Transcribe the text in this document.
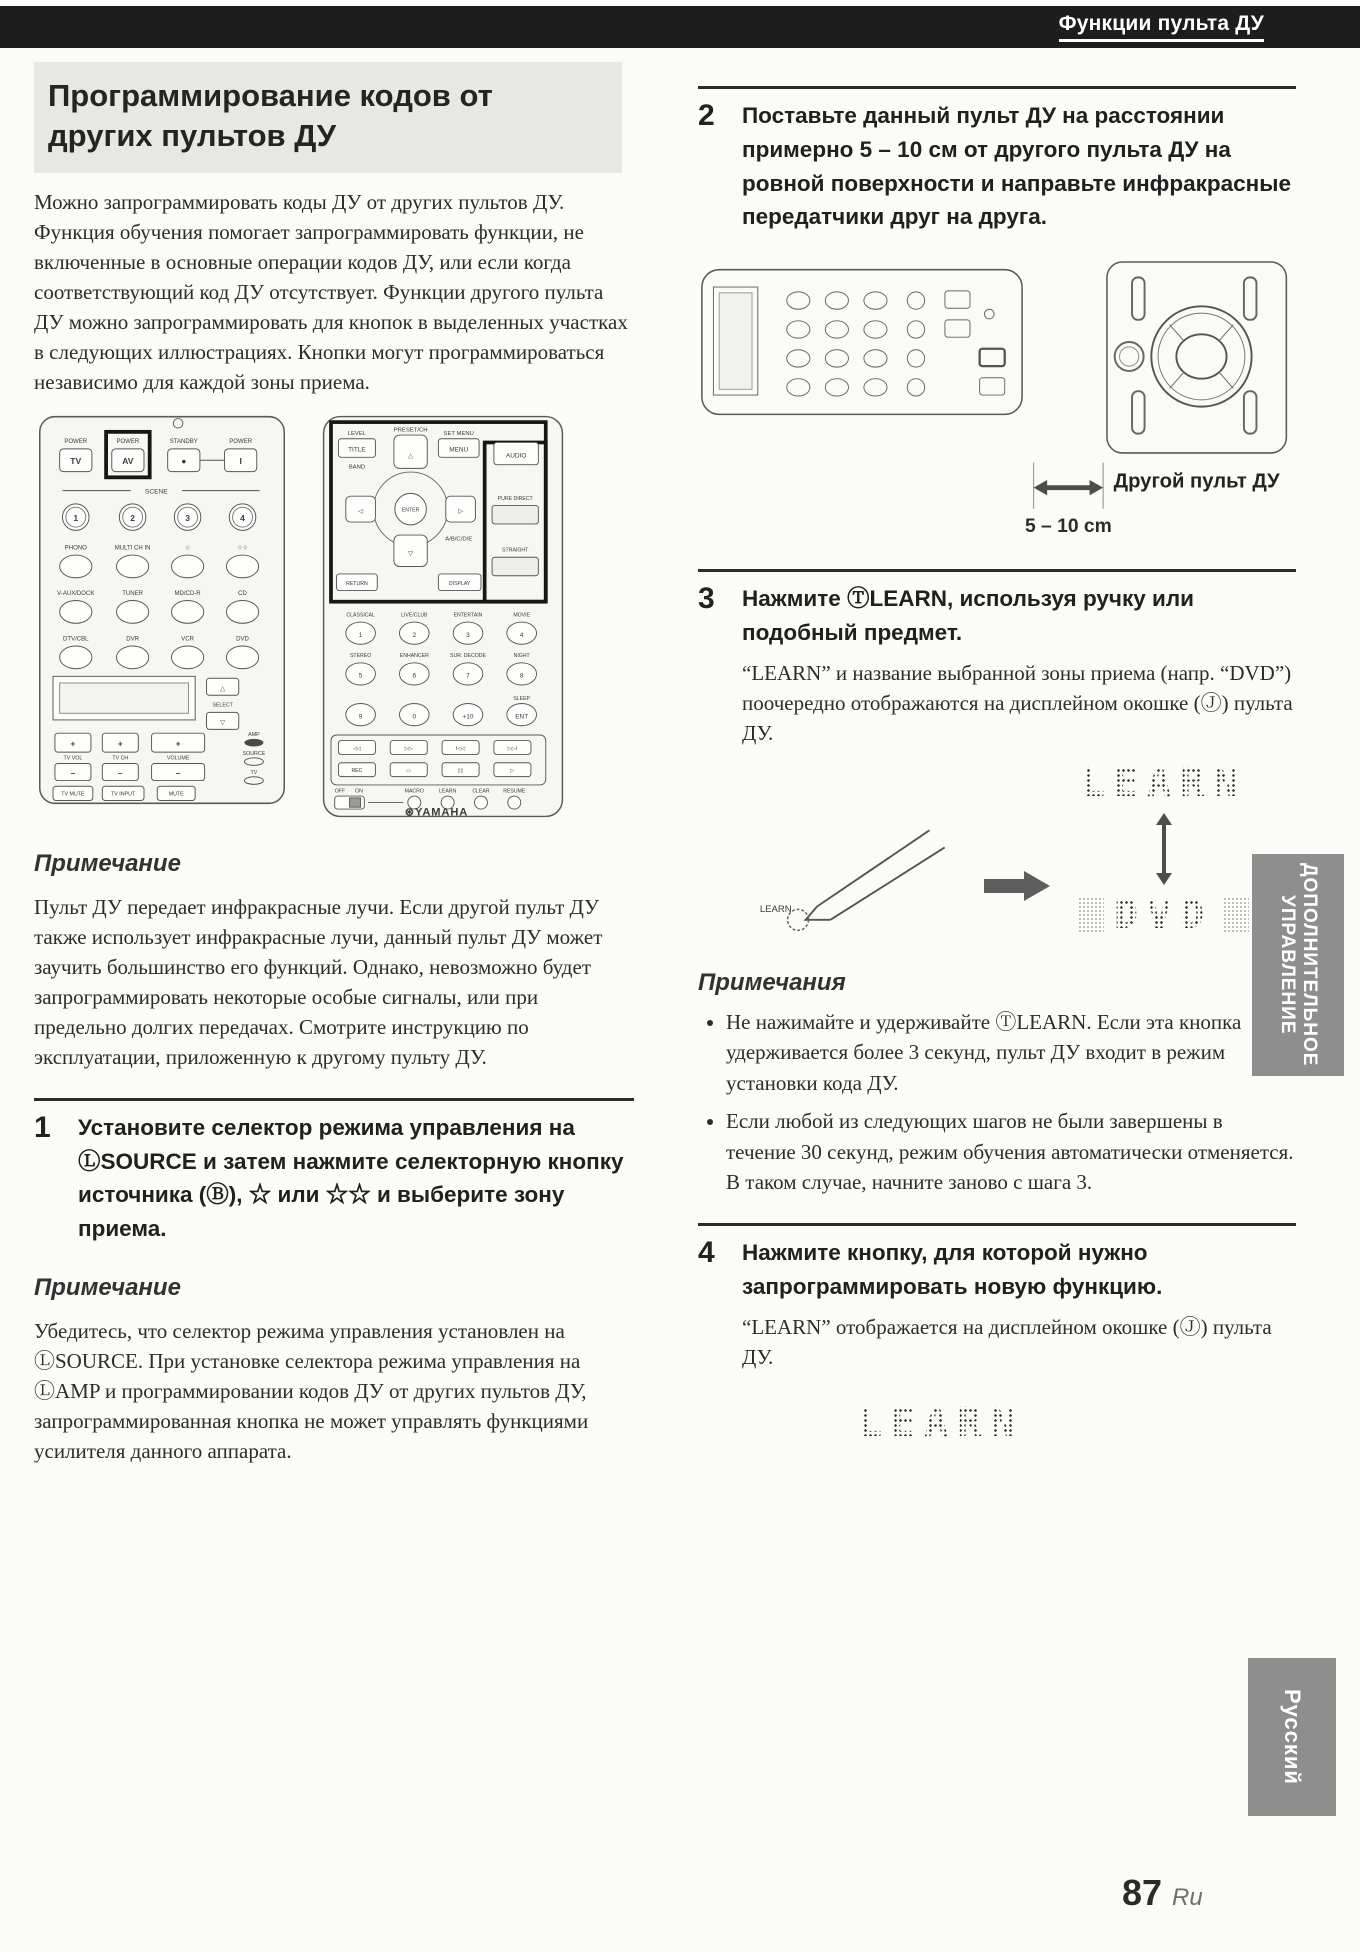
Функции пульта ДУ
Программирование кодов от других пультов ДУ

Можно запрограммировать коды ДУ от других пультов ДУ. Функция обучения помогает запрограммировать функции, не включенные в основные операции кодов ДУ, или если когда соответствующий код ДУ отсутствует. Функции другого пульта ДУ можно запрограммировать для кнопок в выделенных участках в следующих иллюстрациях. Кнопки могут программироваться независимо для каждой зоны приема.

POWER	POWER	STANDBY	POWER
TV	AV	●	I
SCENE
1	2	3	4
PHONO	MULTI CH IN	☆	☆☆
V-AUX/DOCK	TUNER	MD/CD-R	CD
DTV/CBL	DVR	VCR	DVD
△
SELECT
▽
+	+	+
TV VOL	TV CH	VOLUME
–	–	–
AMP
SOURCE
TV
TV MUTE	TV INPUT	MUTE
LEVEL
PRESET/CH
SET MENU
TITLE
△
MENU
AUDIO
BAND
ENTER
◁	▷
▽
A/B/C/D/E
RETURN	DISPLAY
PURE DIRECT
STRAIGHT
CLASSICAL	LIVE/CLUB	ENTERTAIN	MOVIE
1	2	3	4
STEREO	ENHANCER	SUR. DECODE	NIGHT
5	6	7	8
SLEEP
9	0	+10	ENT
◁◁	▷▷	I◁◁	▷▷I
REC	▭	▯▯	▷
OFF ON	MACRO	LEARN	CLEAR RESUME
⊛YAMAHA
Примечание

Пульт ДУ передает инфракрасные лучи. Если другой пульт ДУ также использует инфракрасные лучи, данный пульт ДУ может заучить большинство его функций. Однако, невозможно будет запрограммировать некоторые особые сигналы, или при предельно долгих передачах. Смотрите инструкцию по эксплуатации, приложенную к другому пульту ДУ.

1	Установите селектор режима управления на ⓁSOURCE и затем нажмите селекторную кнопку источника (Ⓑ), ☆ или ☆☆ и выберите зону приема.
Примечание

Убедитесь, что селектор режима управления установлен на ⓁSOURCE. При установке селектора режима управления на ⓁAMP и программировании кодов ДУ от других пультов ДУ, запрограммированная кнопка не может управлять функциями усилителя данного аппарата.

2	Поставьте данный пульт ДУ на расстоянии примерно 5 – 10 см от другого пульта ДУ на ровной поверхности и направьте инфракрасные передатчики друг на друга.
Другой пульт ДУ
5 – 10 cm
3	Нажмите ⓉLEARN, используя ручку или подобный предмет.

“LEARN” и название выбранной зоны приема (напр. “DVD”) поочередно отображаются на дисплейном окошке (Ⓙ) пульта ДУ.

LEARN
LEARN
DVD
Примечания
• Не нажимайте и удерживайте ⓉLEARN. Если эта кнопка удерживается более 3 секунд, пульт ДУ входит в режим установки кода ДУ.
• Если любой из следующих шагов не были завершены в течение 30 секунд, режим обучения автоматически отменяется. В таком случае, начните заново с шага 3.
4	Нажмите кнопку, для которой нужно запрограммировать новую функцию.

“LEARN” отображается на дисплейном окошке (Ⓙ) пульта ДУ.

LEARN
ДОПОЛНИТЕЛЬНОЕ
УПРАВЛЕНИЕ
Русский
87 Ru
